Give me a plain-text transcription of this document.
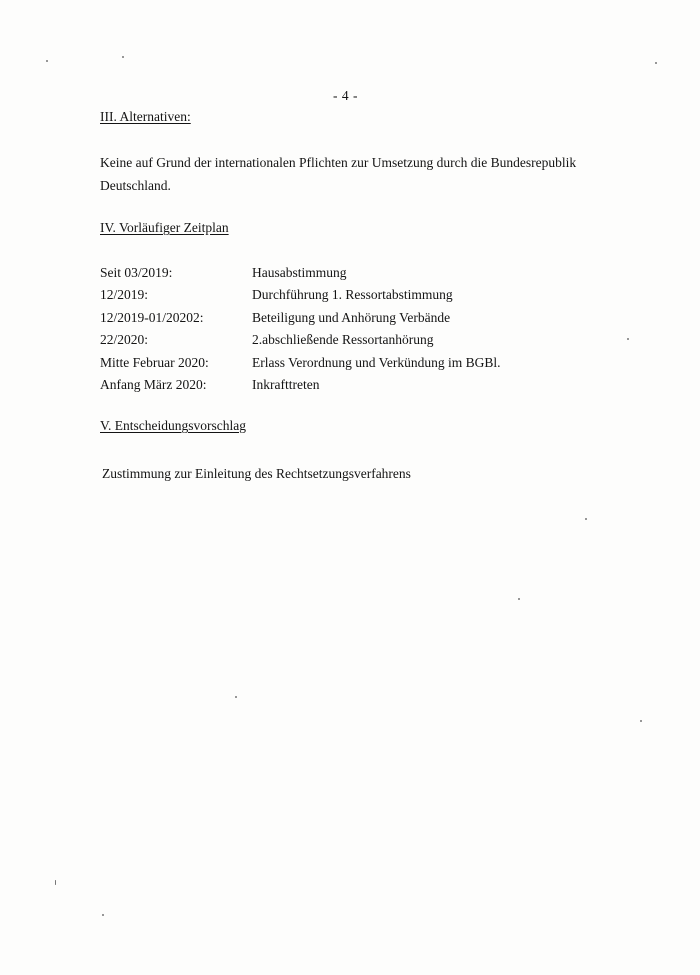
- 4 -
III. Alternativen:
Keine auf Grund der internationalen Pflichten zur Umsetzung durch die Bundesrepublik Deutschland.
IV. Vorläufiger Zeitplan
Seit 03/2019:	Hausabstimmung
12/2019:	Durchführung 1. Ressortabstimmung
12/2019-01/20202:	Beteiligung und Anhörung Verbände
22/2020:	2.abschließende Ressortanhörung
Mitte Februar 2020:	Erlass Verordnung und Verkündung im BGBl.
Anfang März 2020:	Inkrafttreten
V. Entscheidungsvorschlag
Zustimmung zur Einleitung des Rechtsetzungsverfahrens
